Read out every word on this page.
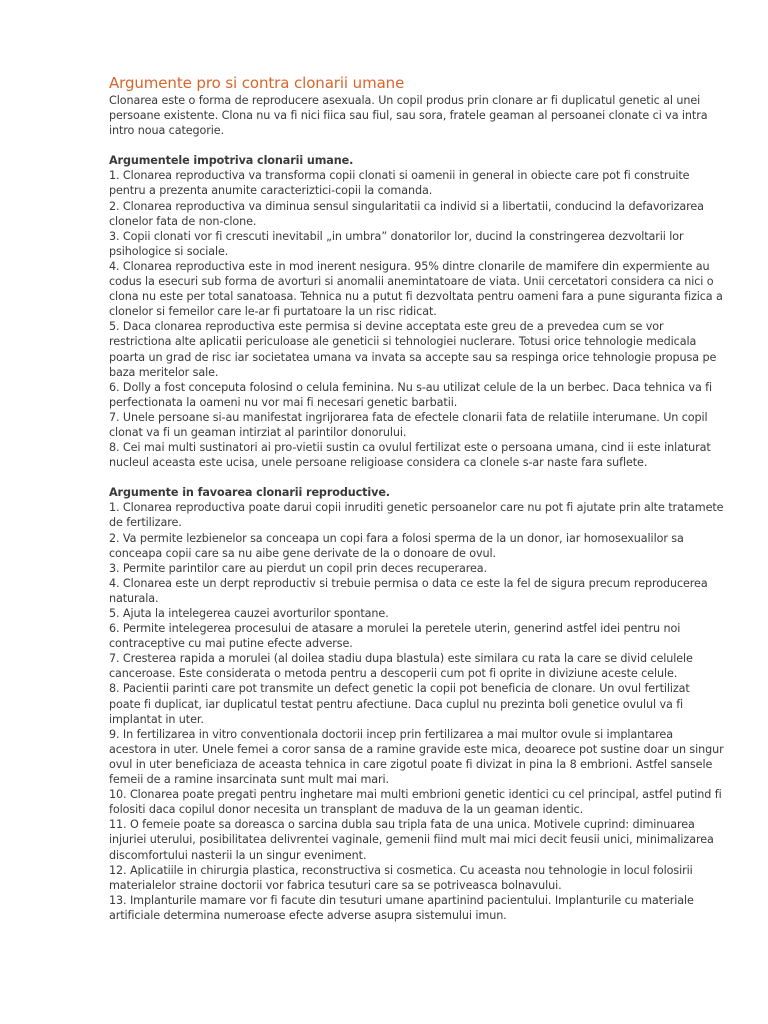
Argumente pro si contra clonarii umane

Clonarea este o forma de reproducere asexuala. Un copil produs prin clonare ar fi duplicatul genetic al unei persoane existente. Clona nu va fi nici fiica sau fiul, sau sora, fratele geaman al persoanei clonate ci va intra intro noua categorie.

Argumentele impotriva clonarii umane.

1. Clonarea reproductiva va transforma copii clonati si oamenii in general in obiecte care pot fi construite pentru a prezenta anumite caracteriztici-copii la comanda.

2. Clonarea reproductiva va diminua sensul singularitatii ca individ si a libertatii, conducind la defavorizarea clonelor fata de non-clone.

3. Copii clonati vor fi crescuti inevitabil „in umbra” donatorilor lor, ducind la constringerea dezvoltarii lor psihologice si sociale.

4. Clonarea reproductiva este in mod inerent nesigura. 95% dintre clonarile de mamifere din expermiente au codus la esecuri sub forma de avorturi si anomalii anemintatoare de viata. Unii cercetatori considera ca nici o clona nu este per total sanatoasa. Tehnica nu a putut fi dezvoltata pentru oameni fara a pune siguranta fizica a clonelor si femeilor care le-ar fi purtatoare la un risc ridicat.

5. Daca clonarea reproductiva este permisa si devine acceptata este greu de a prevedea cum se vor restrictiona alte aplicatii periculoase ale geneticii si tehnologiei nuclerare. Totusi orice tehnologie medicala poarta un grad de risc iar societatea umana va invata sa accepte sau sa respinga orice tehnologie propusa pe baza meritelor sale.

6. Dolly a fost conceputa folosind o celula feminina. Nu s-au utilizat celule de la un berbec. Daca tehnica va fi perfectionata la oameni nu vor mai fi necesari genetic barbatii.

7. Unele persoane si-au manifestat ingrijorarea fata de efectele clonarii fata de relatiile interumane. Un copil clonat va fi un geaman intirziat al parintilor donorului.

8. Cei mai multi sustinatori ai pro-vietii sustin ca ovulul fertilizat este o persoana umana, cind ii este inlaturat nucleul aceasta este ucisa, unele persoane religioase considera ca clonele s-ar naste fara suflete.

Argumente in favoarea clonarii reproductive.

1. Clonarea reproductiva poate darui copii inruditi genetic persoanelor care nu pot fi ajutate prin alte tratamete de fertilizare.

2. Va permite lezbienelor sa conceapa un copi fara a folosi sperma de la un donor, iar homosexualilor sa conceapa copii care sa nu aibe gene derivate de la o donoare de ovul.

3. Permite parintilor care au pierdut un copil prin deces recuperarea.

4. Clonarea este un derpt reproductiv si trebuie permisa o data ce este la fel de sigura precum reproducerea naturala.

5. Ajuta la intelegerea cauzei avorturilor spontane.

6. Permite intelegerea procesului de atasare a morulei la peretele uterin, generind astfel idei pentru noi contraceptive cu mai putine efecte adverse.

7. Cresterea rapida a morulei (al doilea stadiu dupa blastula) este similara cu rata la care se divid celulele canceroase. Este considerata o metoda pentru a descoperii cum pot fi oprite in diviziune aceste celule.

8. Pacientii parinti care pot transmite un defect genetic la copii pot beneficia de clonare. Un ovul fertilizat poate fi duplicat, iar duplicatul testat pentru afectiune. Daca cuplul nu prezinta boli genetice ovulul va fi implantat in uter.

9. In fertilizarea in vitro conventionala doctorii incep prin fertilizarea a mai multor ovule si implantarea acestora in uter. Unele femei a coror sansa de a ramine gravide este mica, deoarece pot sustine doar un singur ovul in uter beneficiaza de aceasta tehnica in care zigotul poate fi divizat in pina la 8 embrioni. Astfel sansele femeii de a ramine insarcinata sunt mult mai mari.

10. Clonarea poate pregati pentru inghetare mai multi embrioni genetic identici cu cel principal, astfel putind fi folositi daca copilul donor necesita un transplant de maduva de la un geaman identic.

11. O femeie poate sa doreasca o sarcina dubla sau tripla fata de una unica. Motivele cuprind: diminuarea injuriei uterului, posibilitatea delivrentei vaginale, gemenii fiind mult mai mici decit feusii unici, minimalizarea discomfortului nasterii la un singur eveniment.

12. Aplicatiile in chirurgia plastica, reconstructiva si cosmetica. Cu aceasta nou tehnologie in locul folosirii materialelor straine doctorii vor fabrica tesuturi care sa se potriveasca bolnavului.

13. Implanturile mamare vor fi facute din tesuturi umane apartinind pacientului. Implanturile cu materiale artificiale determina numeroase efecte adverse asupra sistemului imun.
